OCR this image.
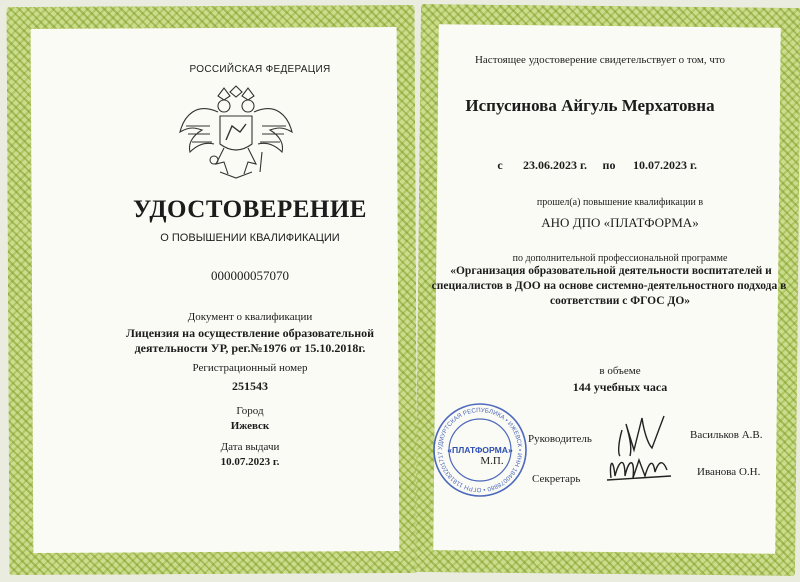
РОССИЙСКАЯ ФЕДЕРАЦИЯ
УДОСТОВЕРЕНИЕ
О ПОВЫШЕНИИ КВАЛИФИКАЦИИ
000000057070
Документ о квалификации
Лицензия на осуществление образовательной
деятельности УР, рег.№1976 от 15.10.2018г.
Регистрационный номер
251543
Город
Ижевск
Дата выдачи
10.07.2023 г.
Настоящее удостоверение свидетельствует о том, что
Испусинова Айгуль Мерхатовна
с	23.06.2023 г.	по	10.07.2023 г.
прошел(а) повышение квалификации в
АНО ДПО «ПЛАТФОРМА»
по дополнительной профессиональной программе
«Организация образовательной деятельности воспитателей и
специалистов в ДОО на основе системно-деятельностного подхода в
соответствии с ФГОС ДО»
в объеме
144 учебных часа
УДМУРТСКАЯ РЕСПУБЛИКА • ИЖЕВСК • ИНН 1840078880 • ОГРН 118183201717 «ПЛАТФОРМА»
М.П.
Руководитель	Васильков А.В.
Секретарь
Иванова О.Н.
